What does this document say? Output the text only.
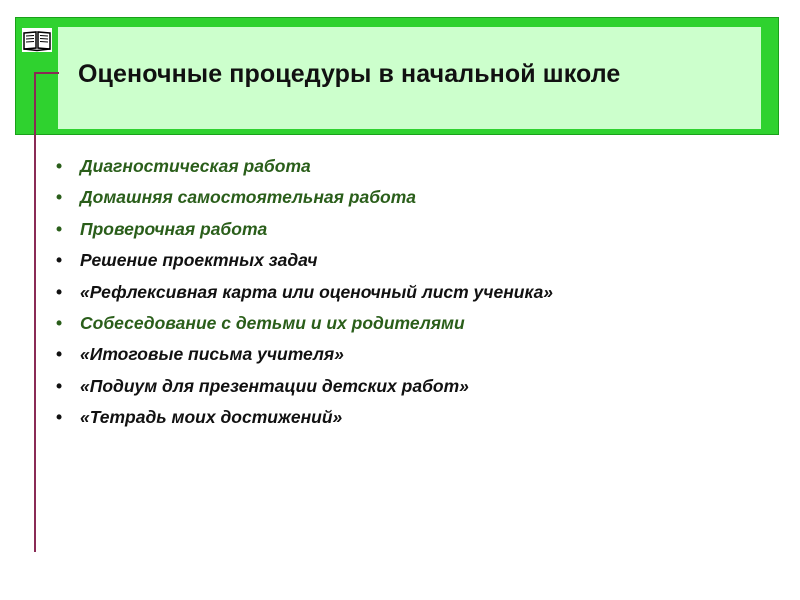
Оценочные процедуры в начальной школе
•	Диагностическая работа
•	Домашняя самостоятельная работа
•	Проверочная работа
•	Решение проектных задач
•	«Рефлексивная карта или оценочный лист ученика»
•	Собеседование с детьми и их родителями
•	«Итоговые письма учителя»
•	«Подиум для презентации детских работ»
•	«Тетрадь моих достижений»
